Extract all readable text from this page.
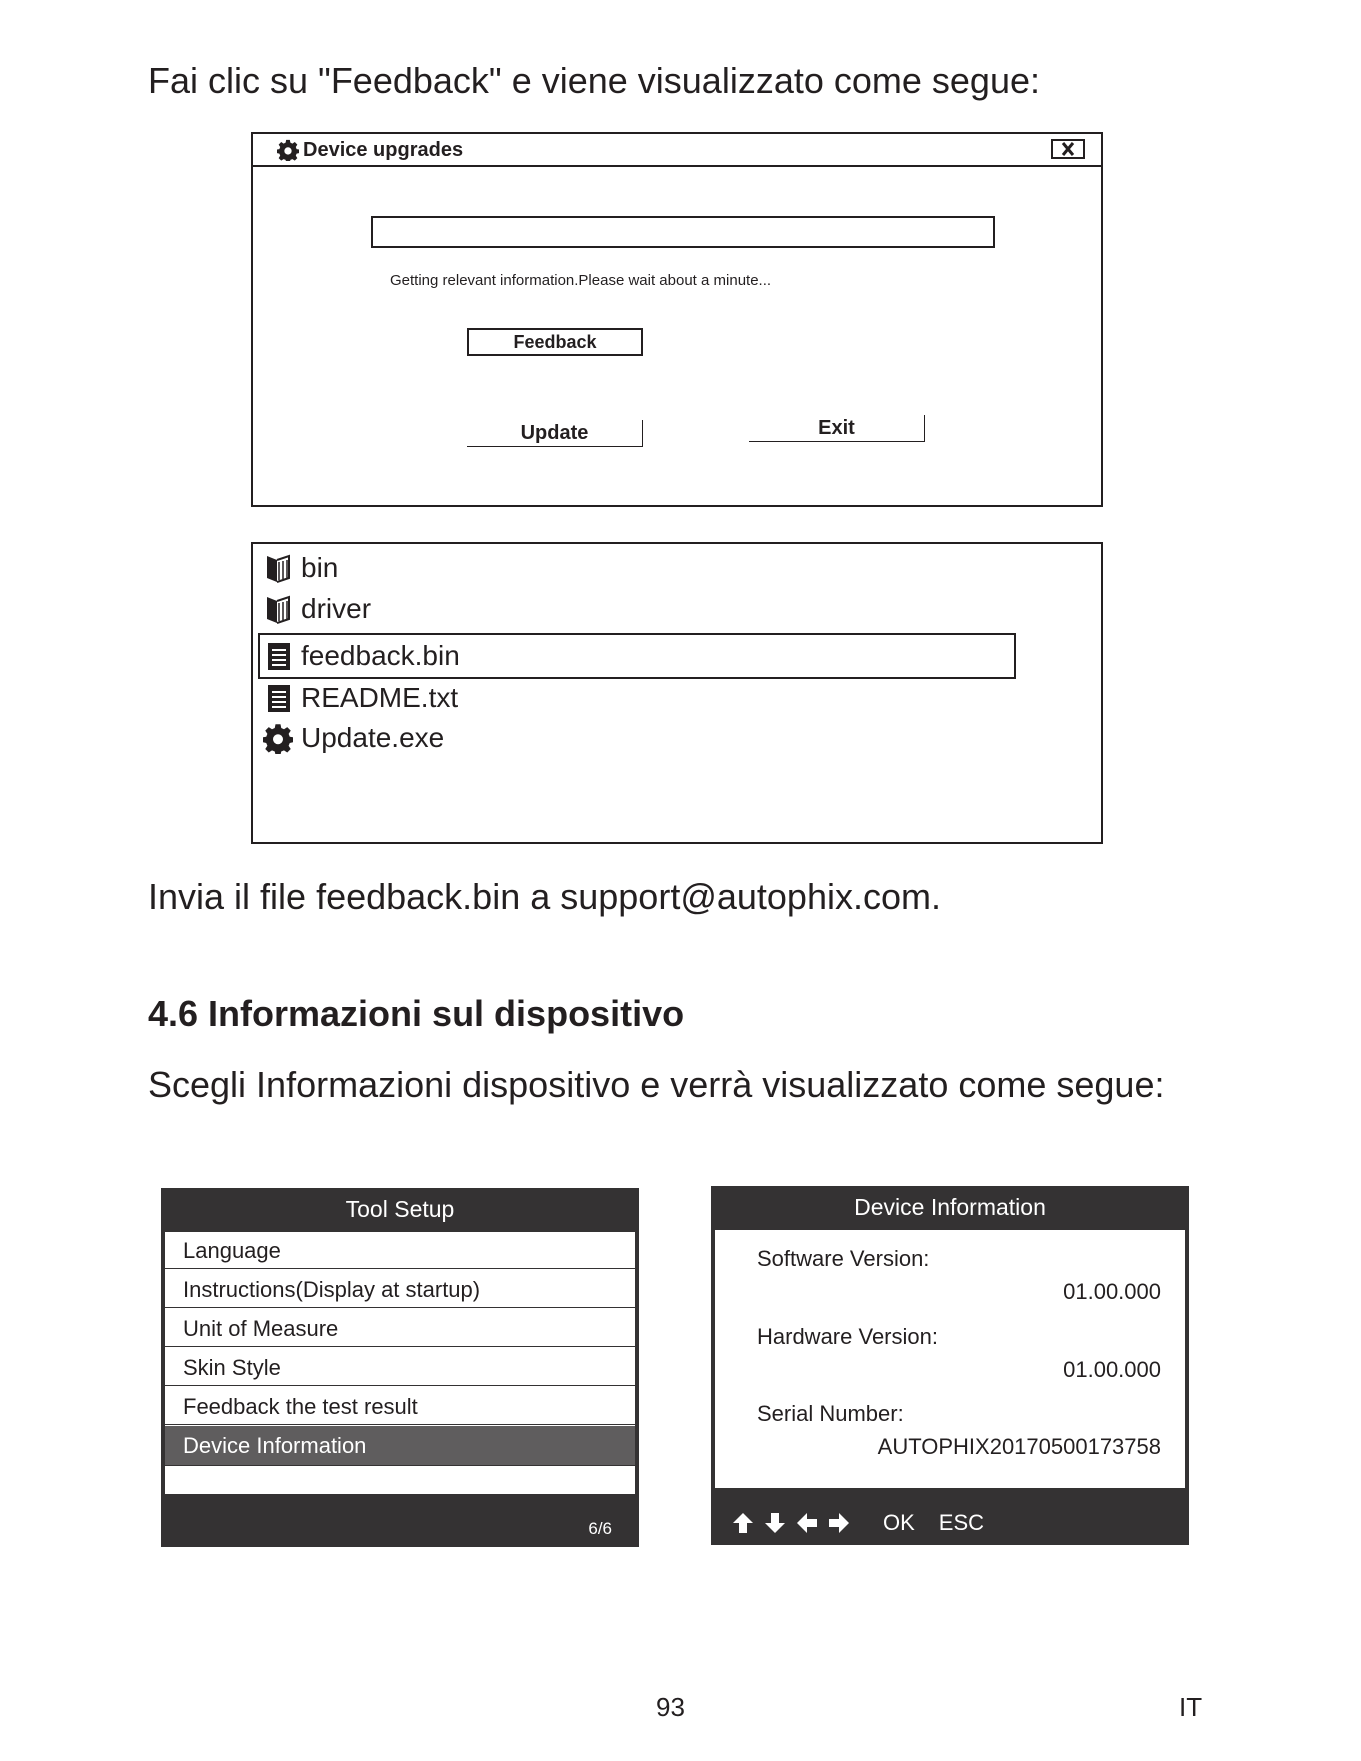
Fai clic su "Feedback" e viene visualizzato come segue:
Device upgrades
Getting relevant information.Please wait about a minute...
Feedback
Update	Exit
bin
driver
feedback.bin
README.txt
Update.exe
Invia il file feedback.bin a support@autophix.com.
4.6 Informazioni sul dispositivo
Scegli Informazioni dispositivo e verrà visualizzato come segue:
Tool Setup
Language
Instructions(Display at startup)
Unit of Measure
Skin Style
Feedback the test result
Device Information
6/6
Device Information
Software Version:
01.00.000
Hardware Version:
01.00.000
Serial Number:
AUTOPHIX20170500173758
OK ESC
93	IT
